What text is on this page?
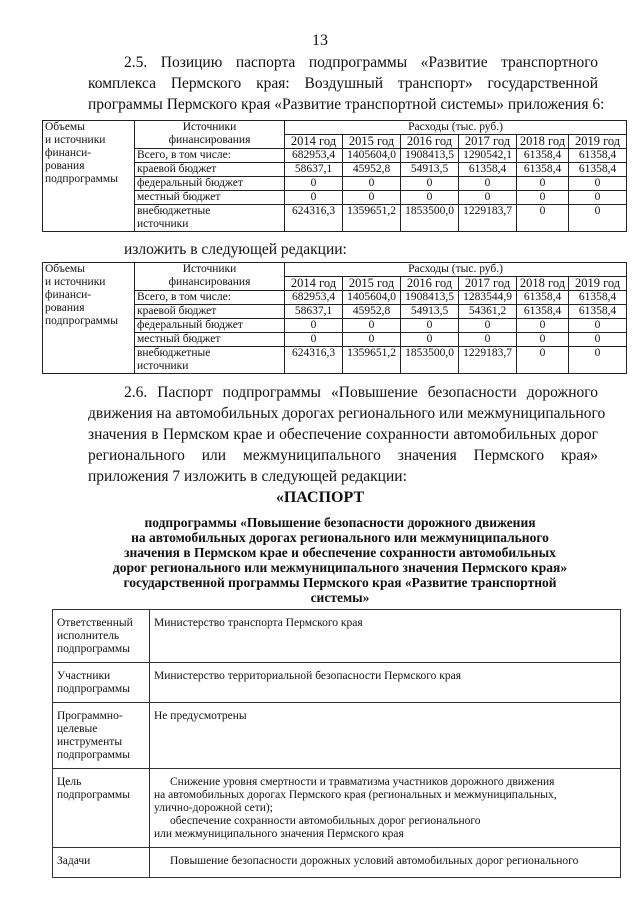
13
2.5. Позицию паспорта подпрограммы «Развитие транспортного
комплекса Пермского края: Воздушный транспорт» государственной
программы Пермского края «Развитие транспортной системы» приложения 6:
Объемы
и источники
финанси-
рования
подпрограммы	Источники
финансирования	Расходы (тыс. руб.)					
		2014 год	2015 год	2016 год	2017 год	2018 год	2019 год
	Всего, в том числе:	682953,4	1405604,0	1908413,5	1290542,1	61358,4	61358,4
	краевой бюджет	58637,1	45952,8	54913,5	61358,4	61358,4	61358,4
	федеральный бюджет	0	0	0	0	0	0
	местный бюджет	0	0	0	0	0	0
	внебюджетные
источники	624316,3	1359651,2	1853500,0	1229183,7	0	0
изложить в следующей редакции:
Объемы
и источники
финанси-
рования
подпрограммы	Источники
финансирования	Расходы (тыс. руб.)					
		2014 год	2015 год	2016 год	2017 год	2018 год	2019 год
	Всего, в том числе:	682953,4	1405604,0	1908413,5	1283544,9	61358,4	61358,4
	краевой бюджет	58637,1	45952,8	54913,5	54361,2	61358,4	61358,4
	федеральный бюджет	0	0	0	0	0	0
	местный бюджет	0	0	0	0	0	0
	внебюджетные
источники	624316,3	1359651,2	1853500,0	1229183,7	0	0
2.6. Паспорт подпрограммы «Повышение безопасности дорожного
движения на автомобильных дорогах регионального или межмуниципального
значения в Пермском крае и обеспечение сохранности автомобильных дорог
регионального или межмуниципального значения Пермского края»
приложения 7 изложить в следующей редакции:
«ПАСПОРТ
подпрограммы «Повышение безопасности дорожного движения
на автомобильных дорогах регионального или межмуниципального
значения в Пермском крае и обеспечение сохранности автомобильных
дорог регионального или межмуниципального значения Пермского края»
государственной программы Пермского края «Развитие транспортной
системы»
Ответственный
исполнитель
подпрограммы	Министерство транспорта Пермского края

Участники
подпрограммы	Министерство территориальной безопасности Пермского края

Программно-
целевые
инструменты
подпрограммы	Не предусмотрены

Цель
подпрограммы	Снижение уровня смертности и травматизма участников дорожного движения
на автомобильных дорогах Пермского края (региональных и межмуниципальных,
улично-дорожной сети);
обеспечение сохранности автомобильных дорог регионального
или межмуниципального значения Пермского края

Задачи	Повышение безопасности дорожных условий автомобильных дорог регионального
